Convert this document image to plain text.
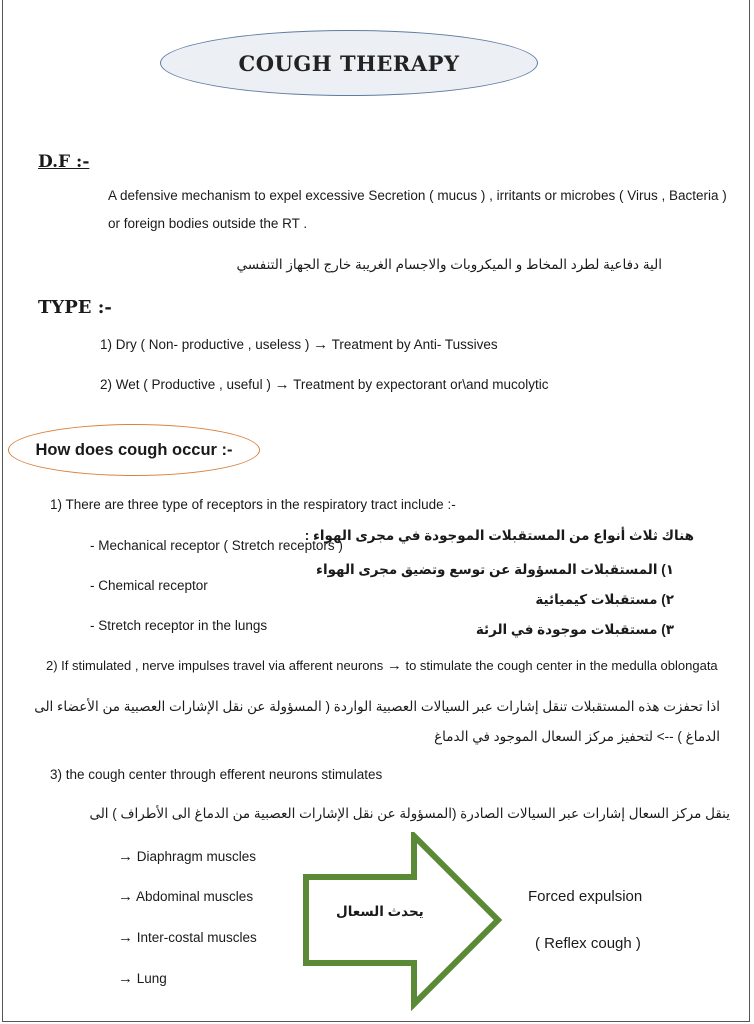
COUGH THERAPY
D.F :-
A defensive mechanism to expel excessive Secretion ( mucus ) , irritants or microbes ( Virus , Bacteria )
or foreign bodies outside the RT .
الية دفاعية لطرد المخاط و الميكروبات والاجسام الغريبة خارج الجهاز التنفسي
TYPE :-
1) Dry ( Non- productive , useless ) → Treatment by Anti- Tussives
2) Wet ( Productive , useful ) → Treatment by expectorant or\and mucolytic
How does cough occur :-
1) There are three type of receptors in the respiratory tract include :-
- Mechanical receptor ( Stretch receptors )
- Chemical receptor
- Stretch receptor in the lungs
هناك ثلاث أنواع من المستقبلات الموجودة في مجرى الهواء :
١) المستقبلات المسؤولة عن توسع وتضيق مجرى الهواء
٢) مستقبلات كيميائية
٣) مستقبلات موجودة في الرئة
2) If stimulated , nerve impulses travel via afferent neurons → to stimulate the cough center in the medulla oblongata
اذا تحفزت هذه المستقبلات تنقل إشارات عبر السيالات العصبية الواردة ( المسؤولة عن نقل الإشارات العصبية من الأعضاء الى
الدماغ ) --> لتحفيز مركز السعال الموجود في الدماغ
3) the cough center through efferent neurons stimulates
ينقل مركز السعال إشارات عبر السيالات الصادرة (المسؤولة عن نقل الإشارات العصبية من الدماغ الى الأطراف ) الى
→ Diaphragm muscles
→ Abdominal muscles
→ Inter-costal muscles
→ Lung
يحدث السعال
Forced expulsion
( Reflex cough )
